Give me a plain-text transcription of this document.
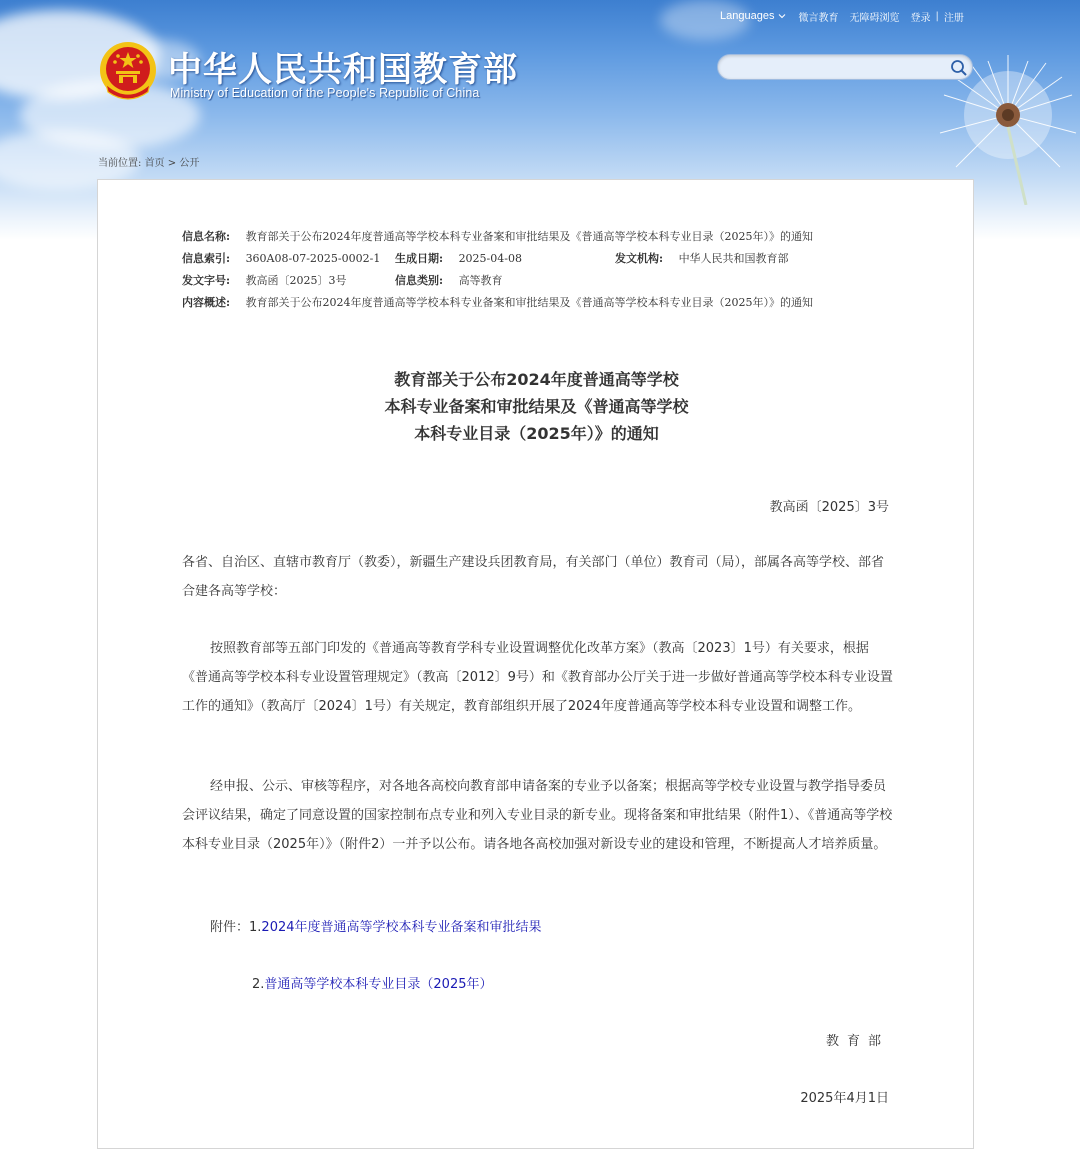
中华人民共和国教育部
Ministry of Education of the People's Republic of China
Languages 微言教育 无障碍浏览 登录 | 注册
当前位置: 首页 > 公开
信息名称: 教育部关于公布2024年度普通高等学校本科专业备案和审批结果及《普通高等学校本科专业目录（2025年）》的通知
信息索引: 360A08-07-2025-0002-1 生成日期: 2025-04-08	发文机构: 中华人民共和国教育部
发文字号: 教高函〔2025〕3号	信息类别: 高等教育
内容概述: 教育部关于公布2024年度普通高等学校本科专业备案和审批结果及《普通高等学校本科专业目录（2025年）》的通知
教育部关于公布2024年度普通高等学校
本科专业备案和审批结果及《普通高等学校
本科专业目录（2025年）》的通知
教高函〔2025〕3号

各省、自治区、直辖市教育厅（教委），新疆生产建设兵团教育局，有关部门（单位）教育司（局），部属各高等学校、部省合建各高等学校：

按照教育部等五部门印发的《普通高等教育学科专业设置调整优化改革方案》（教高〔2023〕1号）有关要求，根据《普通高等学校本科专业设置管理规定》（教高〔2012〕9号）和《教育部办公厅关于进一步做好普通高等学校本科专业设置工作的通知》（教高厅〔2024〕1号）有关规定，教育部组织开展了2024年度普通高等学校本科专业设置和调整工作。

经申报、公示、审核等程序，对各地各高校向教育部申请备案的专业予以备案；根据高等学校专业设置与教学指导委员会评议结果，确定了同意设置的国家控制布点专业和列入专业目录的新专业。现将备案和审批结果（附件1）、《普通高等学校本科专业目录（2025年）》（附件2）一并予以公布。请各地各高校加强对新设专业的建设和管理，不断提高人才培养质量。

附件：1.2024年度普通高等学校本科专业备案和审批结果
2.普通高等学校本科专业目录（2025年）
教育部
2025年4月1日
